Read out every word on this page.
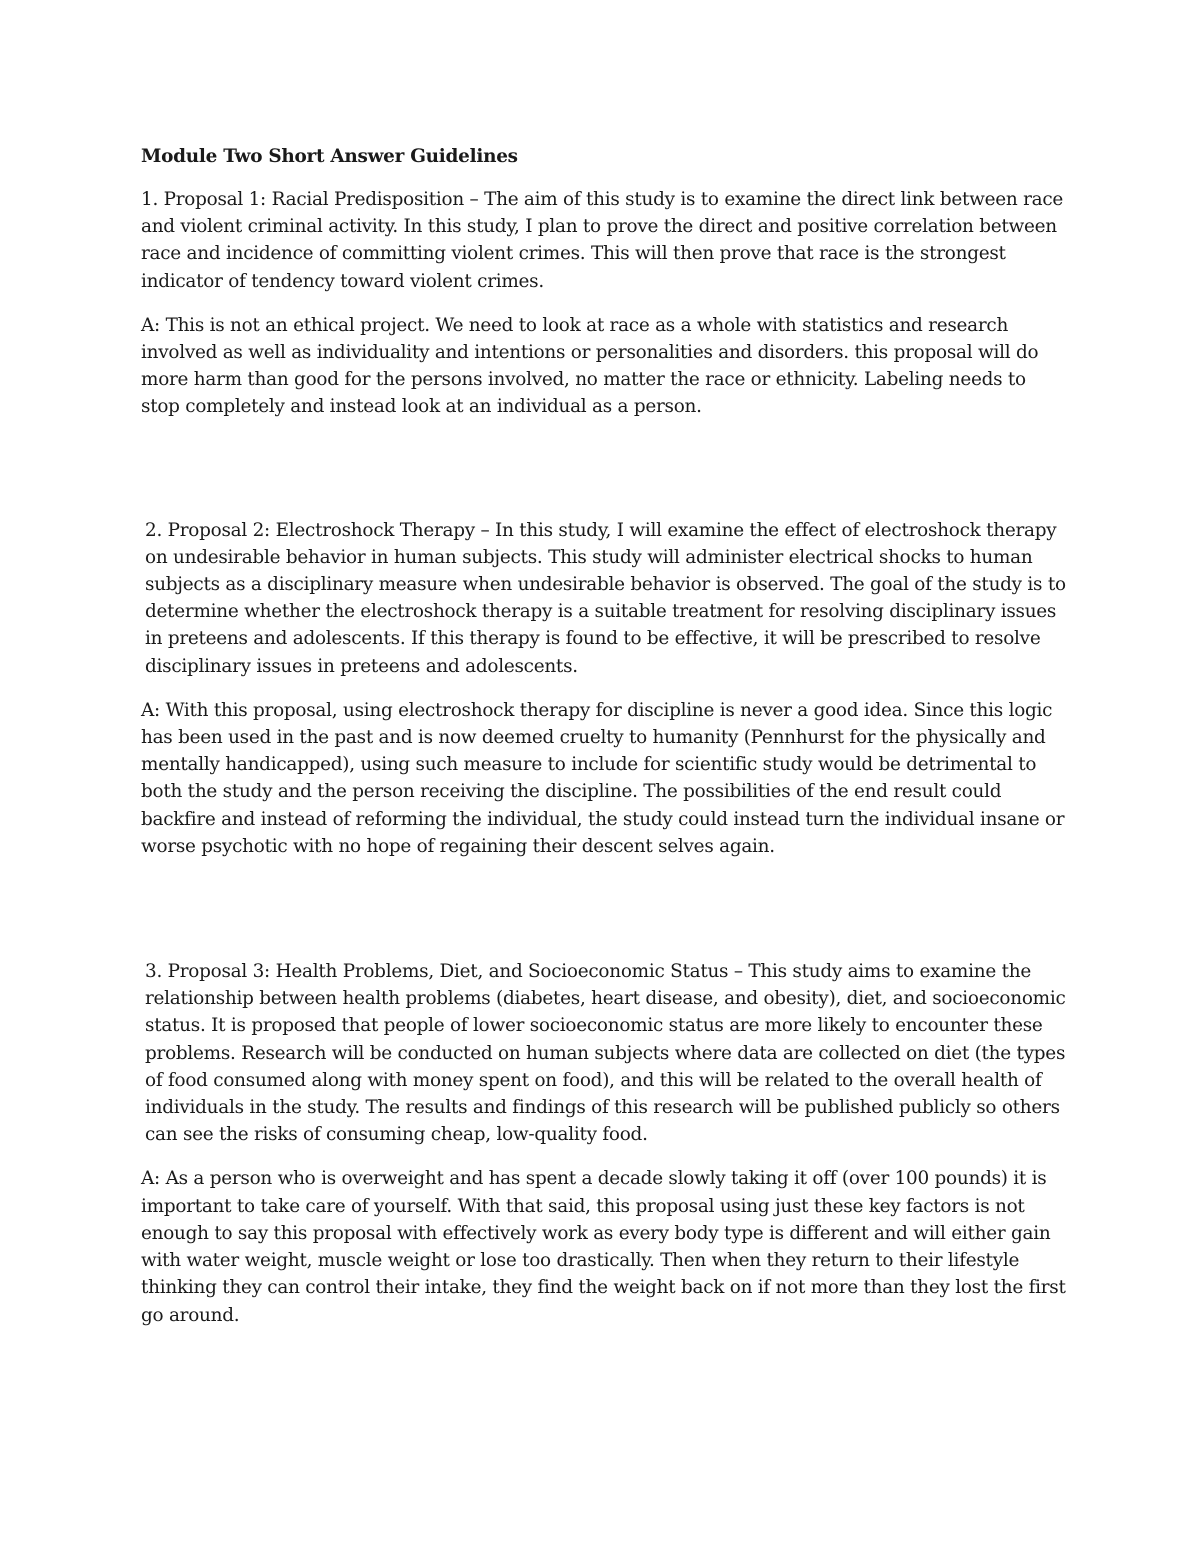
Module Two Short Answer Guidelines

1. Proposal 1: Racial Predisposition – The aim of this study is to examine the direct link between race and violent criminal activity. In this study, I plan to prove the direct and positive correlation between race and incidence of committing violent crimes. This will then prove that race is the strongest indicator of tendency toward violent crimes.

A: This is not an ethical project. We need to look at race as a whole with statistics and research involved as well as individuality and intentions or personalities and disorders. this proposal will do more harm than good for the persons involved, no matter the race or ethnicity. Labeling needs to stop completely and instead look at an individual as a person.

2. Proposal 2: Electroshock Therapy – In this study, I will examine the effect of electroshock therapy on undesirable behavior in human subjects. This study will administer electrical shocks to human subjects as a disciplinary measure when undesirable behavior is observed. The goal of the study is to determine whether the electroshock therapy is a suitable treatment for resolving disciplinary issues in preteens and adolescents. If this therapy is found to be effective, it will be prescribed to resolve disciplinary issues in preteens and adolescents.

A: With this proposal, using electroshock therapy for discipline is never a good idea. Since this logic has been used in the past and is now deemed cruelty to humanity (Pennhurst for the physically and mentally handicapped), using such measure to include for scientific study would be detrimental to both the study and the person receiving the discipline. The possibilities of the end result could backfire and instead of reforming the individual, the study could instead turn the individual insane or worse psychotic with no hope of regaining their descent selves again.

3. Proposal 3: Health Problems, Diet, and Socioeconomic Status – This study aims to examine the relationship between health problems (diabetes, heart disease, and obesity), diet, and socioeconomic status. It is proposed that people of lower socioeconomic status are more likely to encounter these problems. Research will be conducted on human subjects where data are collected on diet (the types of food consumed along with money spent on food), and this will be related to the overall health of individuals in the study. The results and findings of this research will be published publicly so others can see the risks of consuming cheap, low-quality food.

A: As a person who is overweight and has spent a decade slowly taking it off (over 100 pounds) it is important to take care of yourself. With that said, this proposal using just these key factors is not enough to say this proposal with effectively work as every body type is different and will either gain with water weight, muscle weight or lose too drastically. Then when they return to their lifestyle thinking they can control their intake, they find the weight back on if not more than they lost the first go around.
